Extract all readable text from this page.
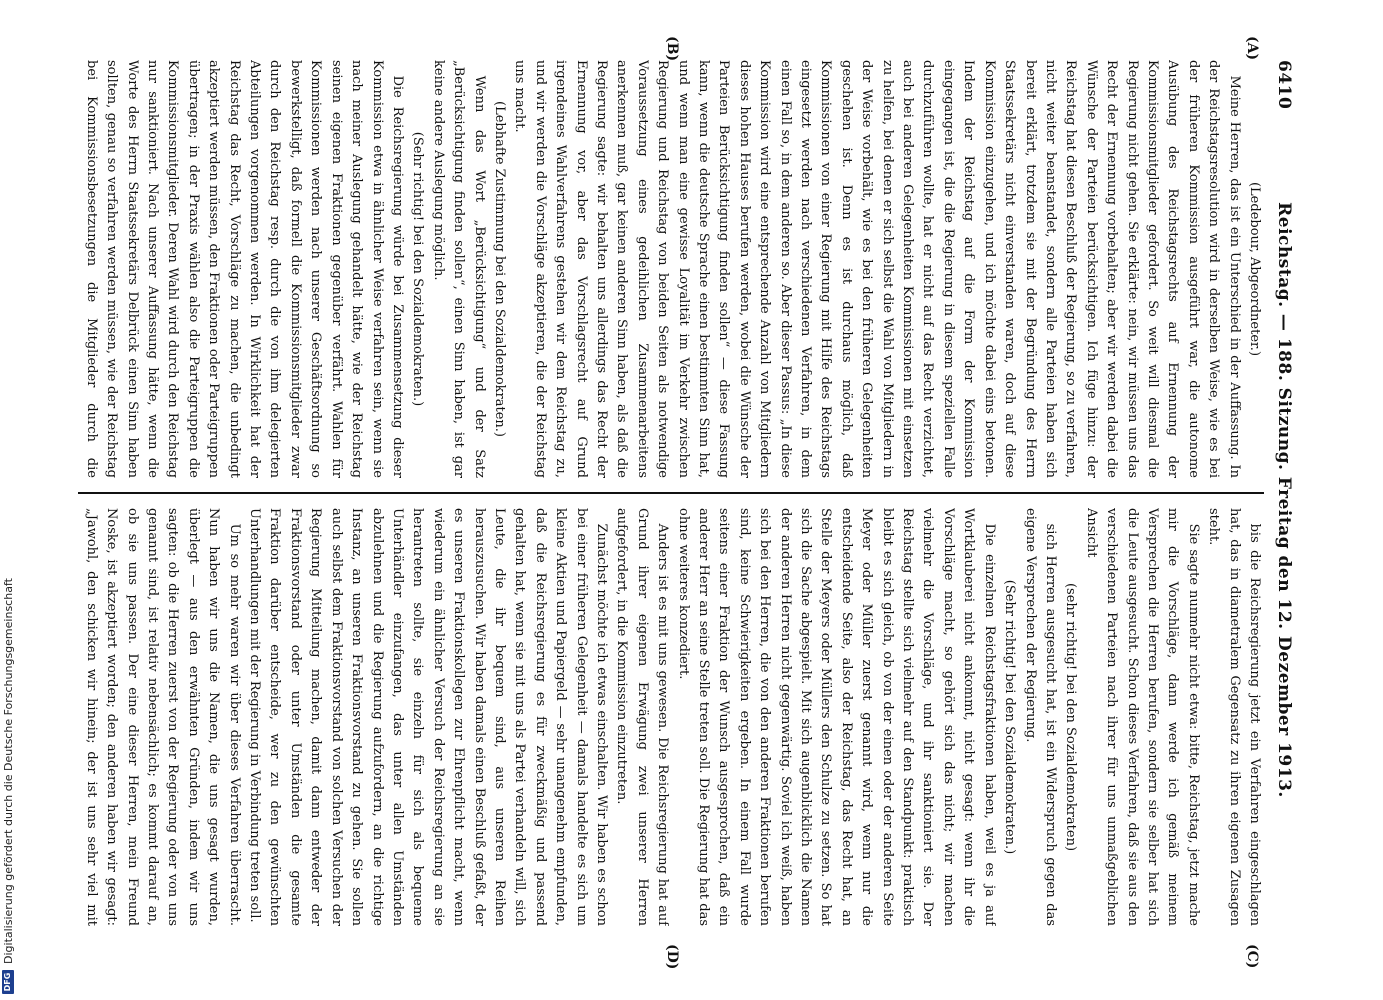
6410
Reichstag. — 188. Sitzung. Freitag den 12. Dezember 1913.
(A)
(B)
(C)
(D)

(Ledebour, Abgeordneter.)

Meine Herren, das ist ein Unterschied in der Auffassung. In der Reichstagsresolution wird in derselben Weise, wie es bei der früheren Kommission ausgeführt war, die autonome Ausübung des Reichstagsrechts auf Ernennung der Kommissionsmitglieder gefordert. So weit will diesmal die Regierung nicht gehen. Sie erklärte: nein, wir müssen uns das Recht der Ernennung vorbehalten; aber wir werden dabei die Wünsche der Parteien berücksichtigen. Ich füge hinzu: der Reichstag hat diesen Beschluß der Regierung, so zu verfahren, nicht weiter beanstandet, sondern alle Parteien haben sich bereit erklärt, trotzdem sie mit der Begründung des Herrn Staatssekretärs nicht einverstanden waren, doch auf diese Kommission einzugehen, und ich möchte dabei eins betonen. Indem der Reichstag auf die Form der Kommission eingegangen ist, die die Regierung in diesem speziellen Falle durchzuführen wollte, hat er nicht auf das Recht verzichtet, auch bei anderen Gelegenheiten Kommissionen mit einsetzen zu helfen, bei denen er sich selbst die Wahl von Mitgliedern in der Weise vorbehält, wie es bei den früheren Gelegenheiten geschehen ist. Denn es ist durchaus möglich, daß Kommissionen von einer Regierung mit Hilfe des Reichstags eingesetzt werden nach verschiedenen Verfahren, in dem einen Fall so, in dem anderen so. Aber dieser Passus: „In diese Kommission wird eine entsprechende Anzahl von Mitgliedern dieses hohen Hauses berufen werden, wobei die Wünsche der Parteien Berücksichtigung finden sollen“ — diese Fassung kann, wenn die deutsche Sprache einen bestimmten Sinn hat, und wenn man eine gewisse Loyalität im Verkehr zwischen Regierung und Reichstag von beiden Seiten als notwendige Voraussetzung eines gedeihlichen Zusammenarbeitens anerkennen muß, gar keinen anderen Sinn haben, als daß die Regierung sagte: wir behalten uns allerdings das Recht der Ernennung vor, aber das Vorschlagsrecht auf Grund irgendeines Wahlverfahrens gestehen wir dem Reichstag zu, und wir werden die Vorschläge akzeptieren, die der Reichstag uns macht.

(Lebhafte Zustimmung bei den Sozialdemokraten.)

Wenn das Wort „Berücksichtigung“ und der Satz „Berücksichtigung finden sollen“, einen Sinn haben, ist gar keine andere Auslegung möglich.

(Sehr richtig! bei den Sozialdemokraten.)

Die Reichsregierung würde bei Zusammensetzung dieser Kommission etwa in ähnlicher Weise verfahren sein, wenn sie nach meiner Auslegung gehandelt hätte, wie der Reichstag seinen eigenen Fraktionen gegenüber verfährt. Wahlen für Kommissionen werden nach unserer Geschäftsordnung so bewerkstelligt, daß formell die Kommissionsmitglieder zwar durch den Reichstag resp. durch die von ihm delegierten Abteilungen vorgenommen werden. In Wirklichkeit hat der Reichstag das Recht, Vorschläge zu machen, die unbedingt akzeptiert werden müssen, den Fraktionen oder Parteigruppen übertragen; in der Praxis wählen also die Parteigruppen die Kommissionsmitglieder. Deren Wahl wird durch den Reichstag nur sanktioniert. Nach unserer Auffassung hätte, wenn die Worte des Herrn Staatssekretärs Delbrück einen Sinn haben sollten, genau so verfahren werden müssen, wie der Reichstag bei Kommissionsbesetzungen die Mitglieder durch die

bis die Reichsregierung jetzt ein Verfahren eingeschlagen hat, das in diametralem Gegensatz zu ihren eigenen Zusagen steht.

Sie sagte nunmehr nicht etwa: bitte, Reichstag, jetzt mache mir die Vorschläge, dann werde ich gemäß meinem Versprechen die Herren berufen, sondern sie selber hat sich die Leute ausgesucht. Schon dieses Verfahren, daß sie aus den verschiedenen Parteien nach ihrer für uns unmaßgeblichen Ansicht

(sehr richtig! bei den Sozialdemokraten)

sich Herren ausgesucht hat, ist ein Widerspruch gegen das eigene Versprechen der Regierung.

(Sehr richtig! bei den Sozialdemokraten.)

Die einzelnen Reichstagsfraktionen haben, weil es ja auf Wortklauberei nicht ankommt, nicht gesagt: wenn ihr die Vorschläge macht, so gehört sich das nicht; wir machen vielmehr die Vorschläge, und ihr sanktioniert sie. Der Reichstag stellte sich vielmehr auf den Standpunkt: praktisch bleibt es sich gleich, ob von der einen oder der anderen Seite Meyer oder Müller zuerst genannt wird, wenn nur die entscheidende Seite, also der Reichstag, das Recht hat, an Stelle der Meyers oder Müllers den Schulze zu setzen. So hat sich die Sache abgespielt. Mit sich augenblicklich die Namen der anderen Herren nicht gegenwärtig. Soviel ich weiß, haben sich bei den Herren, die von den anderen Fraktionen berufen sind, keine Schwierigkeiten ergeben. In einem Fall wurde seitens einer Fraktion der Wunsch ausgesprochen, daß ein anderer Herr an seine Stelle treten soll. Die Regierung hat das ohne weiteres konzediert.

Anders ist es mit uns gewesen. Die Reichsregierung hat auf Grund ihrer eigenen Erwägung zwei unserer Herren aufgefordert, in die Kommission einzutreten.

Zunächst möchte ich etwas einschalten. Wir haben es schon bei einer früheren Gelegenheit — damals handelte es sich um kleine Aktien und Papiergeld — sehr unangenehm empfunden, daß die Reichsregierung es für zweckmäßig und passend gehalten hat, wenn sie mit uns als Partei verhandeln will, sich Leute, die ihr bequem sind, aus unseren Reihen herauszusuchen. Wir haben damals einen Beschluß gefaßt, der es unseren Fraktionskollegen zur Ehrenpflicht macht, wenn wiederum ein ähnlicher Versuch der Reichsregierung an sie herantreten sollte, sie einzeln für sich als bequeme Unterhändler einzufangen, das unter allen Umständen abzulehnen und die Regierung aufzufordern, an die richtige Instanz, an unseren Fraktionsvorstand zu gehen. Sie sollen auch selbst dem Fraktionsvorstand von solchen Versuchen der Regierung Mitteilung machen, damit dann entweder der Fraktionsvorstand oder unter Umständen die gesamte Fraktion darüber entscheide, wer zu den gewünschten Unterhandlungen mit der Regierung in Verbindung treten soll.

Um so mehr waren wir über dieses Verfahren überrascht. Nun haben wir uns die Namen, die uns gesagt wurden, überlegt — aus den erwähnten Gründen, indem wir uns sagten: ob die Herren zuerst von der Regierung oder von uns genannt sind, ist relativ nebensächlich; es kommt darauf an, ob sie uns passen. Der eine dieser Herren, mein Freund Noske, ist akzeptiert worden; den anderen haben wir gesagt: „Jawohl, den schicken wir hinein; der ist uns sehr viel mit

DFG
Digitalisierung gefördert durch die Deutsche Forschungsgemeinschaft
